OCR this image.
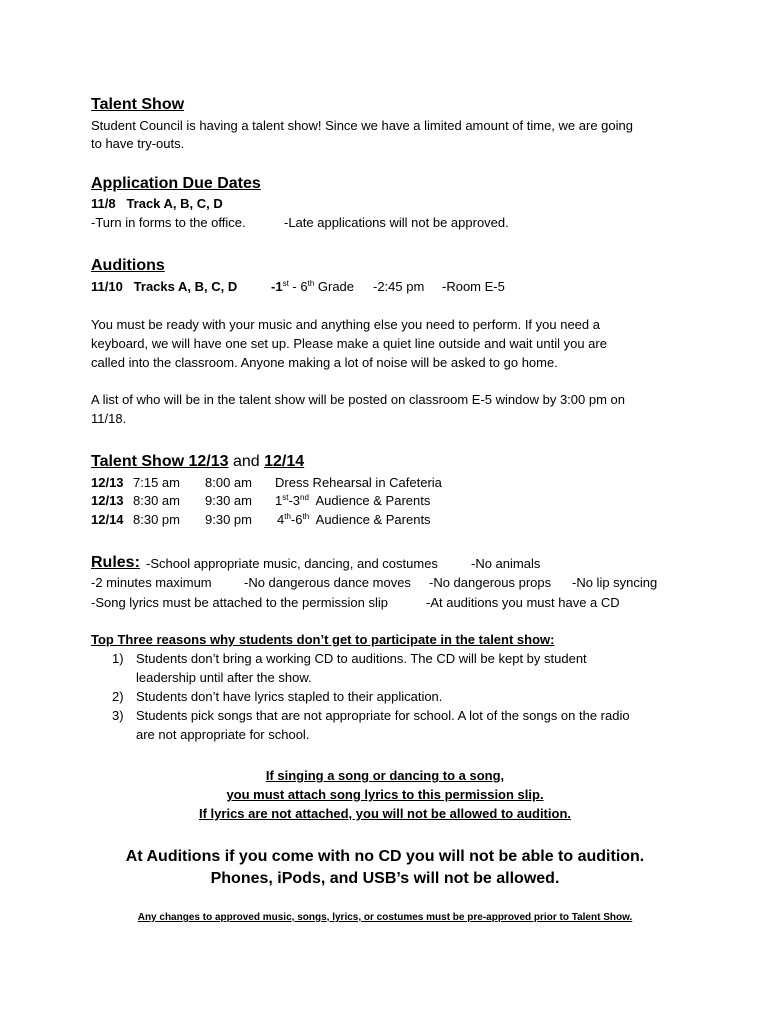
Talent Show
Student Council is having a talent show! Since we have a limited amount of time, we are going
to have try-outs.
Application Due Dates
11/8 Track A, B, C, D
-Turn in forms to the office.	-Late applications will not be approved.
Auditions
11/10 Tracks A, B, C, D	-1st - 6th Grade -2:45 pm -Room E-5
You must be ready with your music and anything else you need to perform. If you need a
keyboard, we will have one set up. Please make a quiet line outside and wait until you are
called into the classroom. Anyone making a lot of noise will be asked to go home.
A list of who will be in the talent show will be posted on classroom E-5 window by 3:00 pm on
11/18.
Talent Show 12/13 and 12/14
12/13 7:15 am 8:00 am Dress Rehearsal in Cafeteria
12/13 8:30 am 9:30 am 1st-3nd  Audience & Parents
12/14 8:30 pm 9:30 pm 4th-6th  Audience & Parents
Rules: -School appropriate music, dancing, and costumes	-No animals
-2 minutes maximum -No dangerous dance moves -No dangerous props -No lip syncing
-Song lyrics must be attached to the permission slip	-At auditions you must have a CD
Top Three reasons why students don’t get to participate in the talent show:
1) Students don’t bring a working CD to auditions. The CD will be kept by student
leadership until after the show.
2) Students don’t have lyrics stapled to their application.
3) Students pick songs that are not appropriate for school. A lot of the songs on the radio
are not appropriate for school.
If singing a song or dancing to a song,
you must attach song lyrics to this permission slip.
If lyrics are not attached, you will not be allowed to audition.
At Auditions if you come with no CD you will not be able to audition.
Phones, iPods, and USB’s will not be allowed.
Any changes to approved music, songs, lyrics, or costumes must be pre-approved prior to Talent Show.
